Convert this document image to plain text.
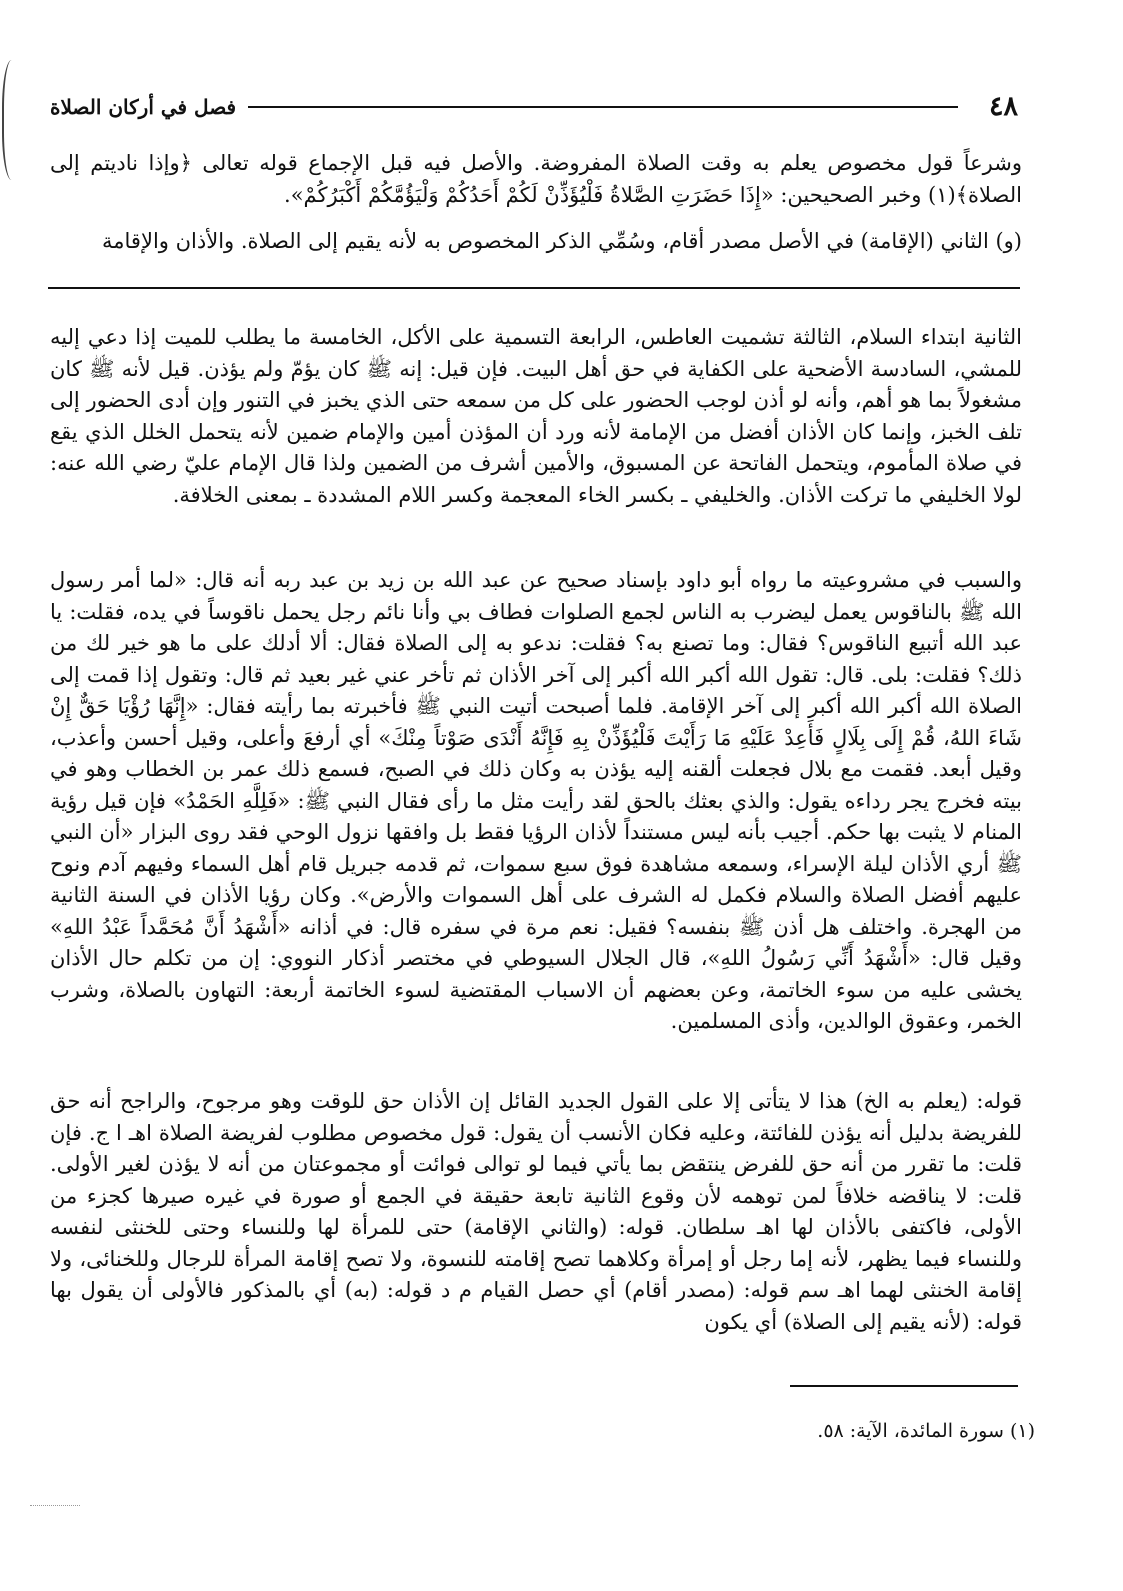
٤٨
فصل في أركان الصلاة

وشرعاً قول مخصوص يعلم به وقت الصلاة المفروضة. والأصل فيه قبل الإجماع قوله تعالى ﴿وإذا ناديتم إلى الصلاة﴾(١) وخبر الصحيحين: «إِذَا حَضَرَتِ الصَّلاةُ فَلْيُؤَذِّنْ لَكُمْ أَحَدُكُمْ وَلْيَؤُمَّكُمْ أَكْبَرُكُمْ».

(و) الثاني (الإقامة) في الأصل مصدر أقام، وسُمِّي الذكر المخصوص به لأنه يقيم إلى الصلاة. والأذان والإقامة

الثانية ابتداء السلام، الثالثة تشميت العاطس، الرابعة التسمية على الأكل، الخامسة ما يطلب للميت إذا دعي إليه للمشي، السادسة الأضحية على الكفاية في حق أهل البيت. فإن قيل: إنه ﷺ كان يؤمّ ولم يؤذن. قيل لأنه ﷺ كان مشغولاً بما هو أهم، وأنه لو أذن لوجب الحضور على كل من سمعه حتى الذي يخبز في التنور وإن أدى الحضور إلى تلف الخبز، وإنما كان الأذان أفضل من الإمامة لأنه ورد أن المؤذن أمين والإمام ضمين لأنه يتحمل الخلل الذي يقع في صلاة المأموم، ويتحمل الفاتحة عن المسبوق، والأمين أشرف من الضمين ولذا قال الإمام عليّ رضي الله عنه: لولا الخليفي ما تركت الأذان. والخليفي ـ بكسر الخاء المعجمة وكسر اللام المشددة ـ بمعنى الخلافة.

والسبب في مشروعيته ما رواه أبو داود بإسناد صحيح عن عبد الله بن زيد بن عبد ربه أنه قال: «لما أمر رسول الله ﷺ بالناقوس يعمل ليضرب به الناس لجمع الصلوات فطاف بي وأنا نائم رجل يحمل ناقوساً في يده، فقلت: يا عبد الله أتبيع الناقوس؟ فقال: وما تصنع به؟ فقلت: ندعو به إلى الصلاة فقال: ألا أدلك على ما هو خير لك من ذلك؟ فقلت: بلى. قال: تقول الله أكبر الله أكبر إلى آخر الأذان ثم تأخر عني غير بعيد ثم قال: وتقول إذا قمت إلى الصلاة الله أكبر الله أكبر إلى آخر الإقامة. فلما أصبحت أتيت النبي ﷺ فأخبرته بما رأيته فقال: «إِنَّهَا رُؤْيَا حَقٌّ إِنْ شَاءَ اللهُ، قُمْ إِلَى بِلَالٍ فَأَعِدْ عَلَيْهِ مَا رَأَيْتَ فَلْيُؤَذِّنْ بِهِ فَإِنَّهُ أَنْدَى صَوْتاً مِنْكَ» أي أرفعَ وأعلى، وقيل أحسن وأعذب، وقيل أبعد. فقمت مع بلال فجعلت ألقنه إليه يؤذن به وكان ذلك في الصبح، فسمع ذلك عمر بن الخطاب وهو في بيته فخرج يجر رداءه يقول: والذي بعثك بالحق لقد رأيت مثل ما رأى فقال النبي ﷺ: «فَلِلَّهِ الحَمْدُ» فإن قيل رؤية المنام لا يثبت بها حكم. أجيب بأنه ليس مستنداً لأذان الرؤيا فقط بل وافقها نزول الوحي فقد روى البزار «أن النبي ﷺ أري الأذان ليلة الإسراء، وسمعه مشاهدة فوق سبع سموات، ثم قدمه جبريل قام أهل السماء وفيهم آدم ونوح عليهم أفضل الصلاة والسلام فكمل له الشرف على أهل السموات والأرض». وكان رؤيا الأذان في السنة الثانية من الهجرة. واختلف هل أذن ﷺ بنفسه؟ فقيل: نعم مرة في سفره قال: في أذانه «أَشْهَدُ أَنَّ مُحَمَّداً عَبْدُ اللهِ» وقيل قال: «أَشْهَدُ أَنِّي رَسُولُ اللهِ»، قال الجلال السيوطي في مختصر أذكار النووي: إن من تكلم حال الأذان يخشى عليه من سوء الخاتمة، وعن بعضهم أن الاسباب المقتضية لسوء الخاتمة أربعة: التهاون بالصلاة، وشرب الخمر، وعقوق الوالدين، وأذى المسلمين.

قوله: (يعلم به الخ) هذا لا يتأتى إلا على القول الجديد القائل إن الأذان حق للوقت وهو مرجوح، والراجح أنه حق للفريضة بدليل أنه يؤذن للفائتة، وعليه فكان الأنسب أن يقول: قول مخصوص مطلوب لفريضة الصلاة اهـ ا ج. فإن قلت: ما تقرر من أنه حق للفرض ينتقض بما يأتي فيما لو توالى فوائت أو مجموعتان من أنه لا يؤذن لغير الأولى. قلت: لا يناقضه خلافاً لمن توهمه لأن وقوع الثانية تابعة حقيقة في الجمع أو صورة في غيره صيرها كجزء من الأولى، فاكتفى بالأذان لها اهـ سلطان. قوله: (والثاني الإقامة) حتى للمرأة لها وللنساء وحتى للخنثى لنفسه وللنساء فيما يظهر، لأنه إما رجل أو إمرأة وكلاهما تصح إقامته للنسوة، ولا تصح إقامة المرأة للرجال وللخنائى، ولا إقامة الخنثى لهما اهـ سم قوله: (مصدر أقام) أي حصل القيام م د قوله: (به) أي بالمذكور فالأولى أن يقول بها قوله: (لأنه يقيم إلى الصلاة) أي يكون

(١) سورة المائدة، الآية: ٥٨.
